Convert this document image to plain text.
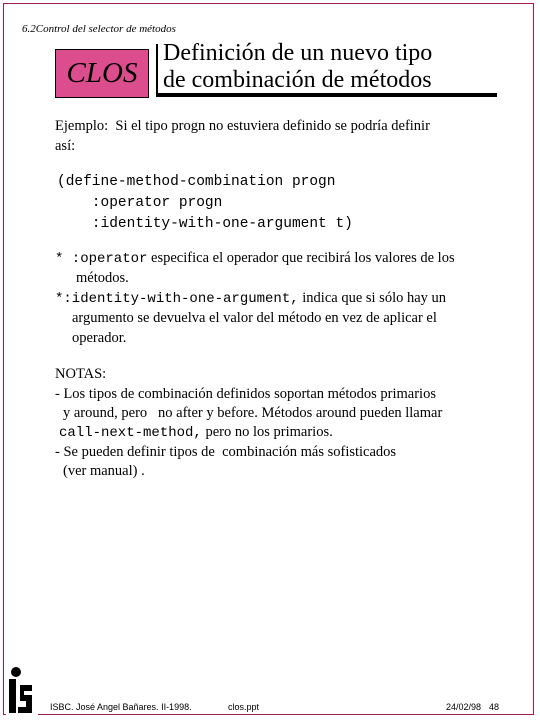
6.2Control del selector de métodos
CLOS
Definición de un nuevo tipo
de combinación de métodos
Ejemplo:  Si el tipo progn no estuviera definido se podría definir
así:
(define-method-combination progn
:operator progn
:identity-with-one-argument t)
* :operator especifica el operador que recibirá los valores de los
métodos.
*:identity-with-one-argument, indica que si sólo hay un
argumento se devuelva el valor del método en vez de aplicar el
operador.
NOTAS:
- Los tipos de combinación definidos soportan métodos primarios
y around, pero   no after y before. Métodos around pueden llamar
call-next-method, pero no los primarios.
- Se pueden definir tipos de  combinación más sofisticados
(ver manual) .
ISBC. José Angel Bañares. II-1998.	clos.ppt	24/02/98 48
